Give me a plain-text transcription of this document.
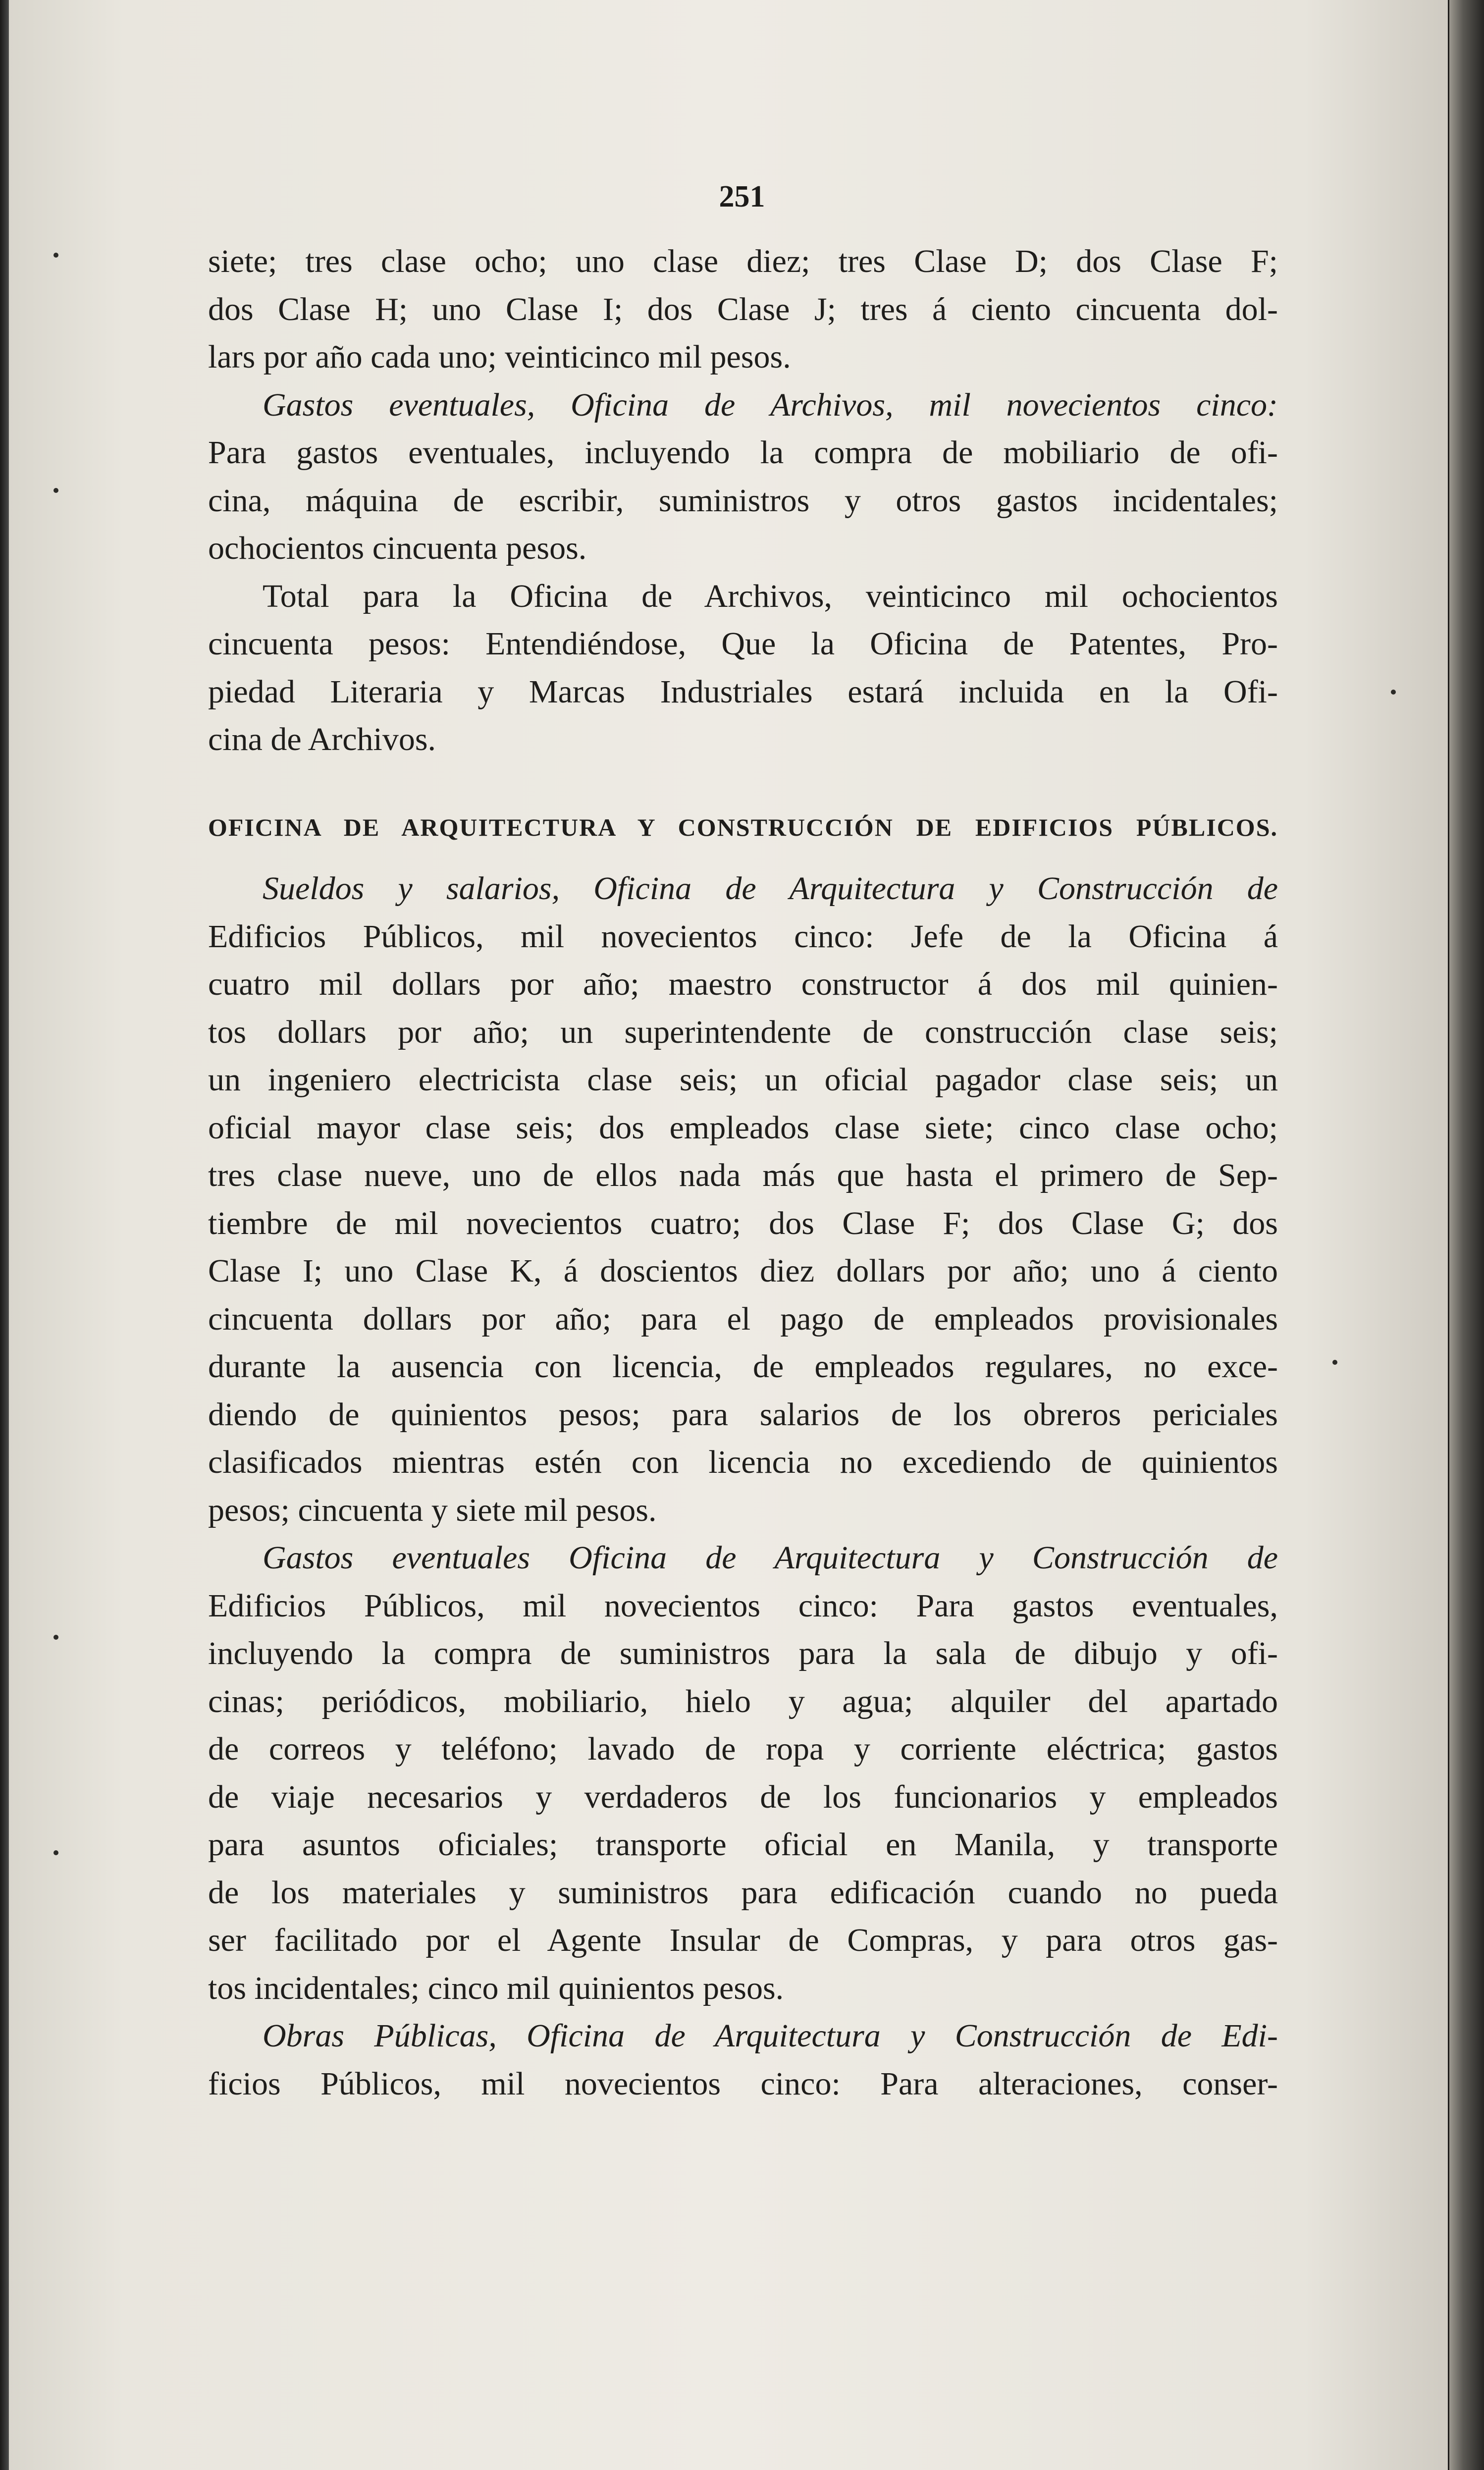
251
siete; tres clase ocho; uno clase diez; tres Clase D; dos Clase F;
dos Clase H; uno Clase I; dos Clase J; tres á ciento cincuenta dol-
lars por año cada uno; veinticinco mil pesos.
Gastos eventuales, Oficina de Archivos, mil novecientos cinco:
Para gastos eventuales, incluyendo la compra de mobiliario de ofi-
cina, máquina de escribir, suministros y otros gastos incidentales;
ochocientos cincuenta pesos.
Total para la Oficina de Archivos, veinticinco mil ochocientos
cincuenta pesos: Entendiéndose, Que la Oficina de Patentes, Pro-
piedad Literaria y Marcas Industriales estará incluida en la Ofi-
cina de Archivos.
OFICINA DE ARQUITECTURA Y CONSTRUCCIÓN DE EDIFICIOS PÚBLICOS.
Sueldos y salarios, Oficina de Arquitectura y Construcción de
Edificios Públicos, mil novecientos cinco: Jefe de la Oficina á
cuatro mil dollars por año; maestro constructor á dos mil quinien-
tos dollars por año; un superintendente de construcción clase seis;
un ingeniero electricista clase seis; un oficial pagador clase seis; un
oficial mayor clase seis; dos empleados clase siete; cinco clase ocho;
tres clase nueve, uno de ellos nada más que hasta el primero de Sep-
tiembre de mil novecientos cuatro; dos Clase F; dos Clase G; dos
Clase I; uno Clase K, á doscientos diez dollars por año; uno á ciento
cincuenta dollars por año; para el pago de empleados provisionales
durante la ausencia con licencia, de empleados regulares, no exce-
diendo de quinientos pesos; para salarios de los obreros periciales
clasificados mientras estén con licencia no excediendo de quinientos
pesos; cincuenta y siete mil pesos.
Gastos eventuales Oficina de Arquitectura y Construcción de
Edificios Públicos, mil novecientos cinco: Para gastos eventuales,
incluyendo la compra de suministros para la sala de dibujo y ofi-
cinas; periódicos, mobiliario, hielo y agua; alquiler del apartado
de correos y teléfono; lavado de ropa y corriente eléctrica; gastos
de viaje necesarios y verdaderos de los funcionarios y empleados
para asuntos oficiales; transporte oficial en Manila, y transporte
de los materiales y suministros para edificación cuando no pueda
ser facilitado por el Agente Insular de Compras, y para otros gas-
tos incidentales; cinco mil quinientos pesos.
Obras Públicas, Oficina de Arquitectura y Construcción de Edi-
ficios Públicos, mil novecientos cinco: Para alteraciones, conser-
